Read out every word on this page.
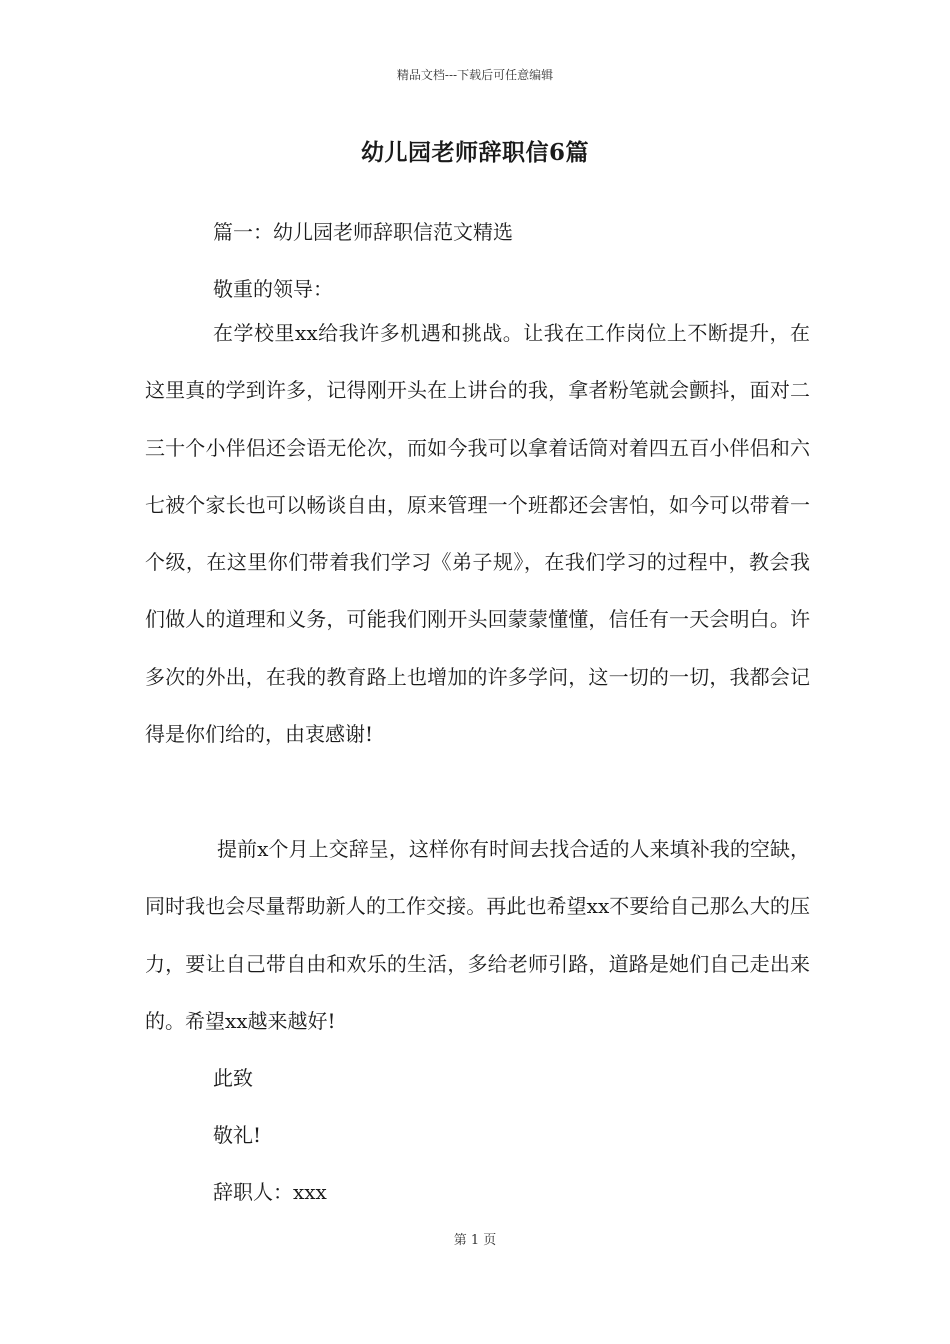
精品文档---下载后可任意编辑
幼儿园老师辞职信6篇
篇一：幼儿园老师辞职信范文精选
敬重的领导：
在学校里xx给我许多机遇和挑战。让我在工作岗位上不断提升，在这里真的学到许多，记得刚开头在上讲台的我，拿者粉笔就会颤抖，面对二三十个小伴侣还会语无伦次，而如今我可以拿着话筒对着四五百小伴侣和六七被个家长也可以畅谈自由，原来管理一个班都还会害怕，如今可以带着一个级，在这里你们带着我们学习《弟子规》，在我们学习的过程中，教会我们做人的道理和义务，可能我们刚开头回蒙蒙懂懂，信任有一天会明白。许多次的外出，在我的教育路上也增加的许多学问，这一切的一切，我都会记得是你们给的，由衷感谢!
提前x个月上交辞呈，这样你有时间去找合适的人来填补我的空缺，同时我也会尽量帮助新人的工作交接。再此也希望xx不要给自己那么大的压力，要让自己带自由和欢乐的生活，多给老师引路，道路是她们自己走出来的。希望xx越来越好!
此致
敬礼!
辞职人：xxx
第 1 页
